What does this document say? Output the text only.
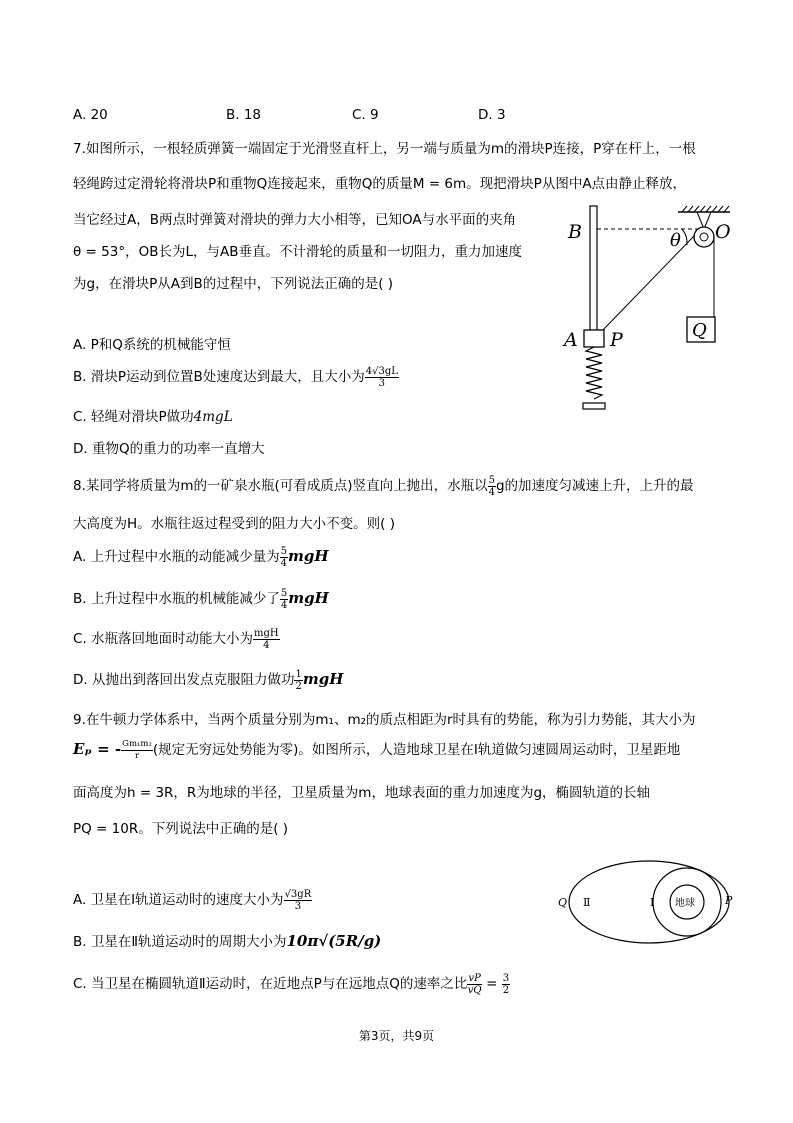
A. 20	B. 18	C. 9	D. 3
7.如图所示，一根轻质弹簧一端固定于光滑竖直杆上，另一端与质量为m的滑块P连接，P穿在杆上，一根
轻绳跨过定滑轮将滑块P和重物Q连接起来，重物Q的质量M = 6m。现把滑块P从图中A点由静止释放，
当它经过A，B两点时弹簧对滑块的弹力大小相等，已知OA与水平面的夹角
θ = 53°，OB长为L，与AB垂直。不计滑轮的质量和一切阻力，重力加速度
为g，在滑块P从A到B的过程中，下列说法正确的是( )
A. P和Q系统的机械能守恒
B. 滑块P运动到位置B处速度达到最大，且大小为 $\frac{4√3gL}{3}$
C. 轻绳对滑块P做功4mgL
D. 重物Q的重力的功率一直增大
B	θ O
A P	Q
8.某同学将质量为m的一矿泉水瓶(可看成质点)竖直向上抛出，水瓶以 $\frac{5}{4}$ g的加速度匀减速上升，上升的最
大高度为H。水瓶往返过程受到的阻力大小不变。则( )
A. 上升过程中水瓶的动能减少量为 $\frac{5}{4}$ mgH
B. 上升过程中水瓶的机械能减少了 $\frac{5}{4}$ mgH
C. 水瓶落回地面时动能大小为 $\frac{\text{mgH}}{4}$
D. 从抛出到落回出发点克服阻力做功 $\frac{1}{2}$ mgH
9.在牛顿力学体系中，当两个质量分别为m₁、m₂的质点相距为r时具有的势能，称为引力势能，其大小为
Eₚ = - $\frac{\text{Gm₁m₂}}{r}$ (规定无穷远处势能为零)。如图所示，人造地球卫星在Ⅰ轨道做匀速圆周运动时，卫星距地
面高度为h = 3R，R为地球的半径，卫星质量为m，地球表面的重力加速度为g，椭圆轨道的长轴
PQ = 10R。下列说法中正确的是( )
A. 卫星在Ⅰ轨道运动时的速度大小为 $\frac{√3gR}{3}$
B. 卫星在Ⅱ轨道运动时的周期大小为10π√(5R/g)
C. 当卫星在椭圆轨道Ⅱ运动时，在近地点P与在远地点Q的速率之比 $\frac{vP}{vQ} = \frac{3}{2}$
Q Ⅱ	Ⅰ 地球	P
第3页，共9页
